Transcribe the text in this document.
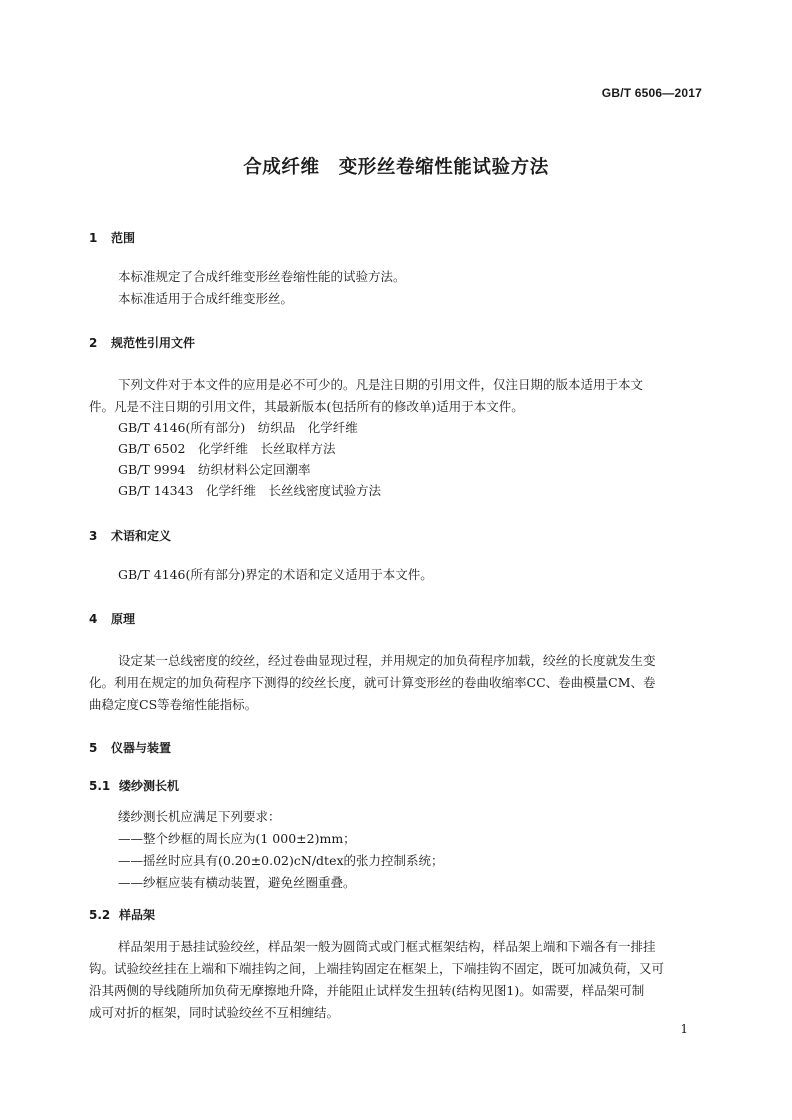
GB/T 6506—2017
合成纤维　变形丝卷缩性能试验方法
1 范围
本标准规定了合成纤维变形丝卷缩性能的试验方法。
本标准适用于合成纤维变形丝。
2 规范性引用文件
下列文件对于本文件的应用是必不可少的。凡是注日期的引用文件，仅注日期的版本适用于本文
件。凡是不注日期的引用文件，其最新版本(包括所有的修改单)适用于本文件。
GB/T 4146(所有部分)　纺织品　化学纤维
GB/T 6502　化学纤维　长丝取样方法
GB/T 9994　纺织材料公定回潮率
GB/T 14343　化学纤维　长丝线密度试验方法
3 术语和定义
GB/T 4146(所有部分)界定的术语和定义适用于本文件。
4 原理
设定某一总线密度的绞丝，经过卷曲显现过程，并用规定的加负荷程序加载，绞丝的长度就发生变
化。利用在规定的加负荷程序下测得的绞丝长度，就可计算变形丝的卷曲收缩率CC、卷曲模量CM、卷
曲稳定度CS等卷缩性能指标。
5 仪器与装置
5.1 缕纱测长机
缕纱测长机应满足下列要求：
——整个纱框的周长应为(1 000±2)mm；
——摇丝时应具有(0.20±0.02)cN/dtex的张力控制系统；
——纱框应装有横动装置，避免丝圈重叠。
5.2 样品架
样品架用于悬挂试验绞丝，样品架一般为圆筒式或门框式框架结构，样品架上端和下端各有一排挂
钩。试验绞丝挂在上端和下端挂钩之间，上端挂钩固定在框架上，下端挂钩不固定，既可加减负荷，又可
沿其两侧的导线随所加负荷无摩擦地升降，并能阻止试样发生扭转(结构见图1)。如需要，样品架可制
成可对折的框架，同时试验绞丝不互相缠结。
1
